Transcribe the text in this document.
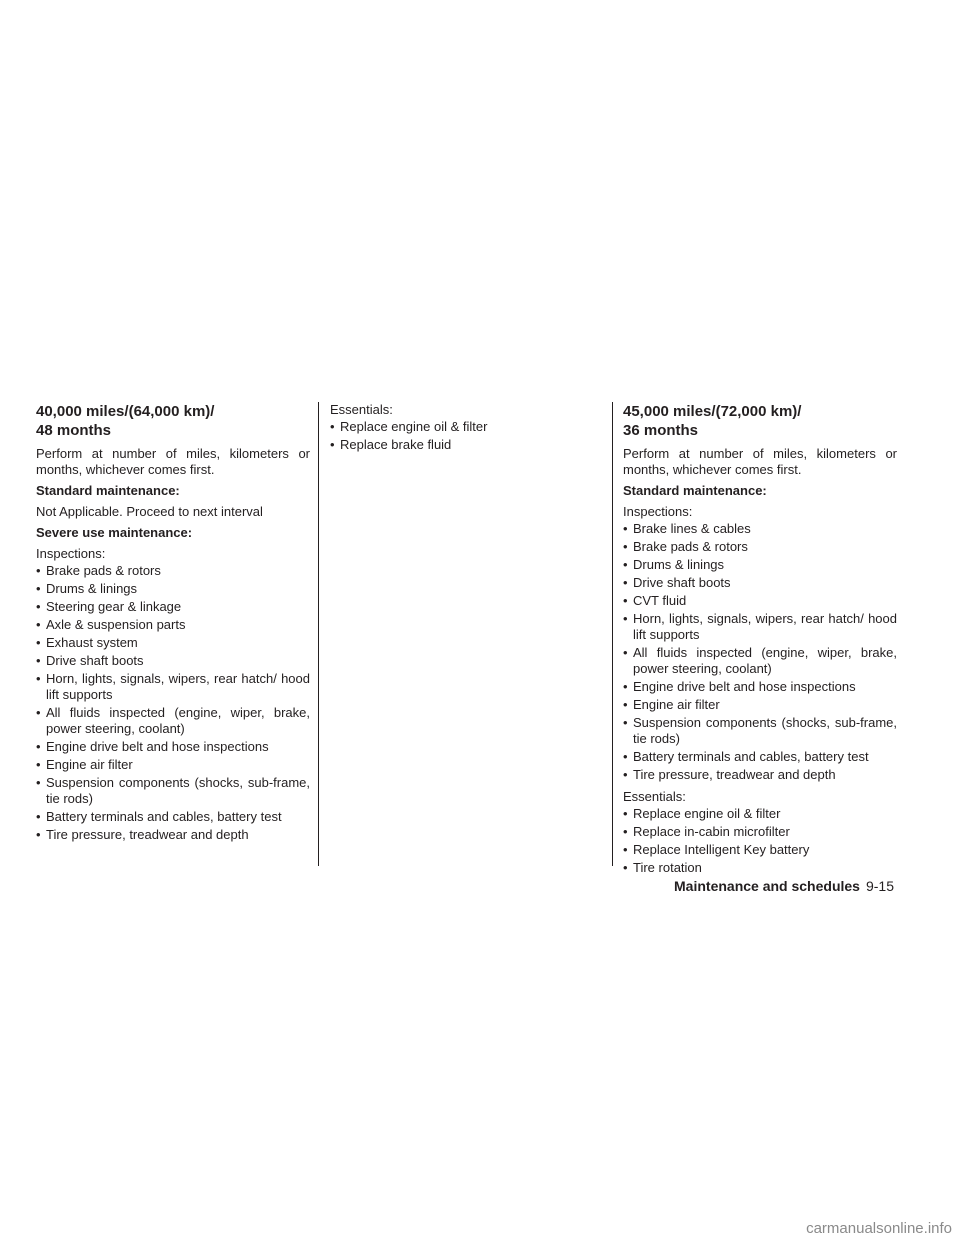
40,000 miles/(64,000 km)/
48 months

Perform at number of miles, kilometers or months, whichever comes first.

Standard maintenance:

Not Applicable. Proceed to next interval

Severe use maintenance:

Inspections:

• Brake pads & rotors
• Drums & linings
• Steering gear & linkage
• Axle & suspension parts
• Exhaust system
• Drive shaft boots
• Horn, lights, signals, wipers, rear hatch/ hood lift supports
• All fluids inspected (engine, wiper, brake, power steering, coolant)
• Engine drive belt and hose inspections
• Engine air filter
• Suspension components (shocks, sub-frame, tie rods)
• Battery terminals and cables, battery test
• Tire pressure, treadwear and depth

Essentials:

• Replace engine oil & filter
• Replace brake fluid
45,000 miles/(72,000 km)/
36 months

Perform at number of miles, kilometers or months, whichever comes first.

Standard maintenance:

Inspections:

• Brake lines & cables
• Brake pads & rotors
• Drums & linings
• Drive shaft boots
• CVT fluid
• Horn, lights, signals, wipers, rear hatch/ hood lift supports
• All fluids inspected (engine, wiper, brake, power steering, coolant)
• Engine drive belt and hose inspections
• Engine air filter
• Suspension components (shocks, sub-frame, tie rods)
• Battery terminals and cables, battery test
• Tire pressure, treadwear and depth

Essentials:

• Replace engine oil & filter
• Replace in-cabin microfilter
• Replace Intelligent Key battery
• Tire rotation
Maintenance and schedules 9-15
carmanualsonline.info
